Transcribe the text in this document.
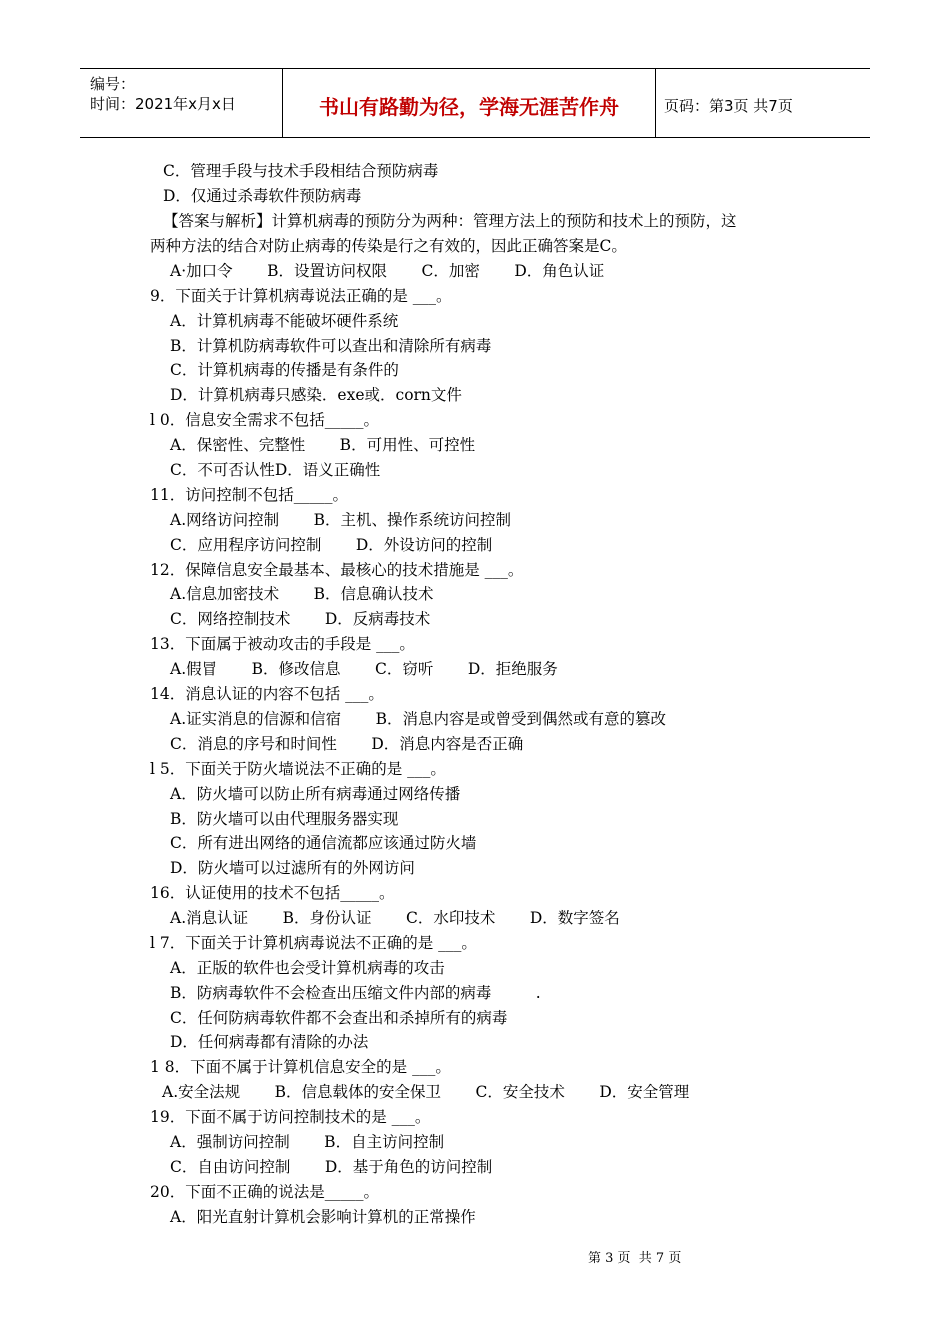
编号：
时间：2021年x月x日	书山有路勤为径，学海无涯苦作舟	页码：第3页 共7页
C．管理手段与技术手段相结合预防病毒
D．仅通过杀毒软件预防病毒
【答案与解析】计算机病毒的预防分为两种：管理方法上的预防和技术上的预防，这
两种方法的结合对防止病毒的传染是行之有效的，因此正确答案是C。
A·加口令       B．设置访问权限       C．加密       D．角色认证
9．下面关于计算机病毒说法正确的是 ___。
A．计算机病毒不能破坏硬件系统
B．计算机防病毒软件可以查出和清除所有病毒
C．计算机病毒的传播是有条件的
D．计算机病毒只感染．exe或．corn文件
l 0．信息安全需求不包括_____。
A．保密性、完整性       B．可用性、可控性
C．不可否认性D．语义正确性
11．访问控制不包括_____。
A.网络访问控制       B．主机、操作系统访问控制
C．应用程序访问控制       D．外设访问的控制
12．保障信息安全最基本、最核心的技术措施是 ___。
A.信息加密技术       B．信息确认技术
C．网络控制技术       D．反病毒技术
13．下面属于被动攻击的手段是 ___。
A.假冒       B．修改信息       C．窃听       D．拒绝服务
14．消息认证的内容不包括 ___。
A.证实消息的信源和信宿       B．消息内容是或曾受到偶然或有意的篡改
C．消息的序号和时间性       D．消息内容是否正确
l 5．下面关于防火墙说法不正确的是 ___。
A．防火墙可以防止所有病毒通过网络传播
B．防火墙可以由代理服务器实现
C．所有进出网络的通信流都应该通过防火墙
D．防火墙可以过滤所有的外网访问
16．认证使用的技术不包括_____。
A.消息认证       B．身份认证       C．水印技术       D．数字签名
l 7．下面关于计算机病毒说法不正确的是 ___。
A．正版的软件也会受计算机病毒的攻击
B．防病毒软件不会检查出压缩文件内部的病毒         .
C．任何防病毒软件都不会查出和杀掉所有的病毒
D．任何病毒都有清除的办法
1 8．下面不属于计算机信息安全的是 ___。
A.安全法规       B．信息载体的安全保卫       C．安全技术       D．安全管理
19．下面不属于访问控制技术的是 ___。
A．强制访问控制       B．自主访问控制
C．自由访问控制       D．基于角色的访问控制
20．下面不正确的说法是_____。
A．阳光直射计算机会影响计算机的正常操作
第 3 页  共 7 页
